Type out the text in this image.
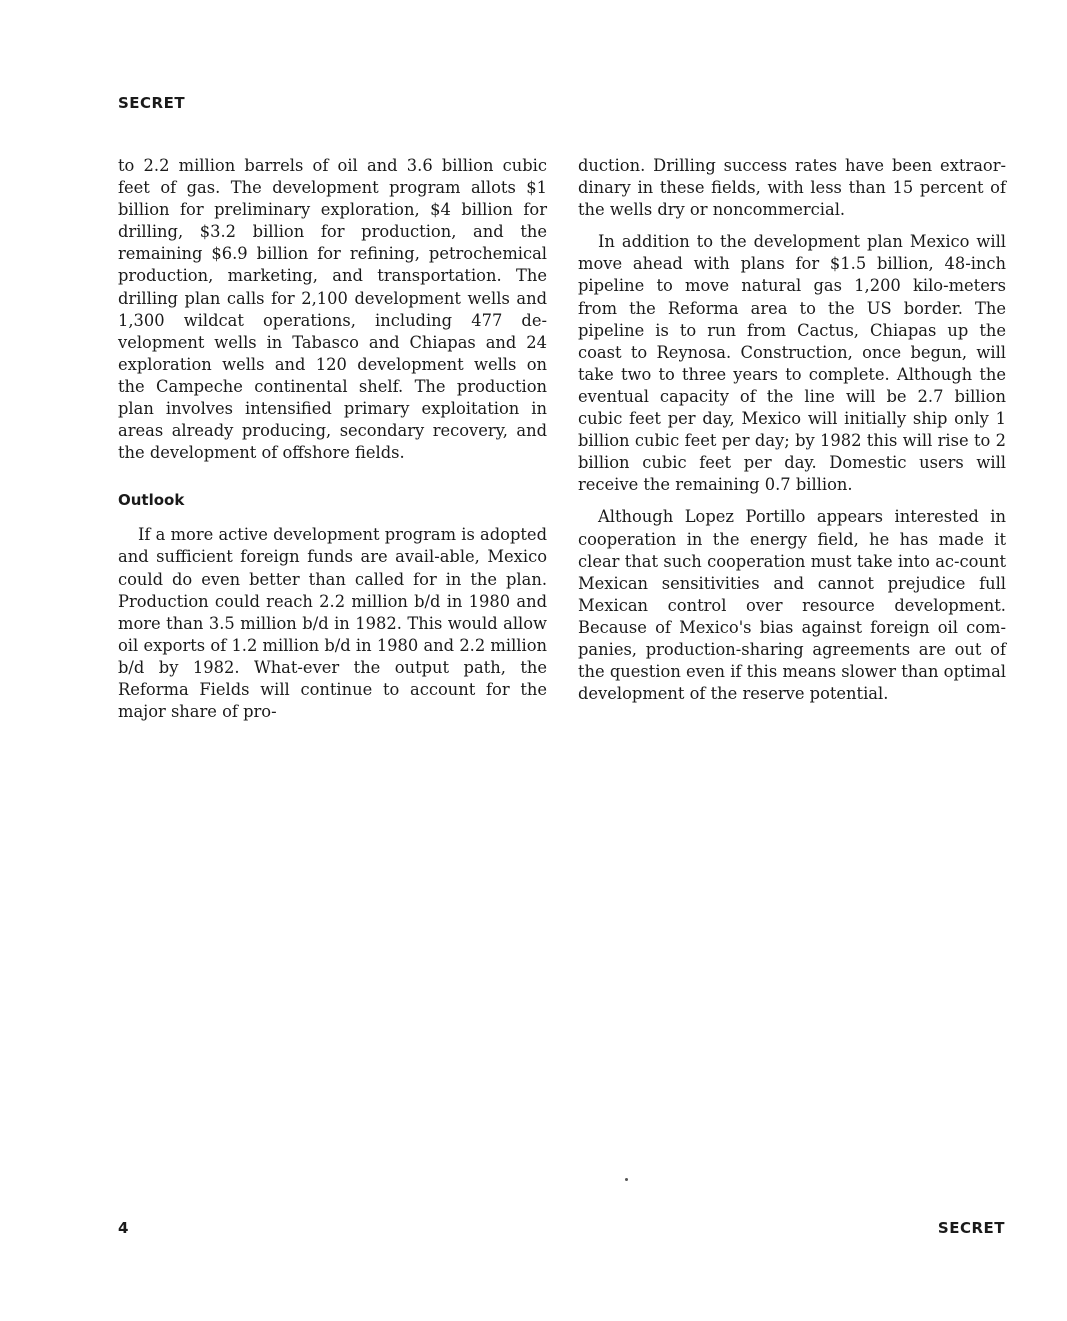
SECRET

to 2.2 million barrels of oil and 3.6 billion cubic feet of gas. The development program allots $1 billion for preliminary exploration, $4 billion for drilling, $3.2 billion for production, and the remaining $6.9 billion for refining, petrochemical production, marketing, and transportation. The drilling plan calls for 2,100 development wells and 1,300 wildcat operations, including 477 de-velopment wells in Tabasco and Chiapas and 24 exploration wells and 120 development wells on the Campeche continental shelf. The production plan involves intensified primary exploitation in areas already producing, secondary recovery, and the development of offshore fields.

Outlook

If a more active development program is adopted and sufficient foreign funds are avail-able, Mexico could do even better than called for in the plan. Production could reach 2.2 million b/d in 1980 and more than 3.5 million b/d in 1982. This would allow oil exports of 1.2 million b/d in 1980 and 2.2 million b/d by 1982. What-ever the output path, the Reforma Fields will continue to account for the major share of pro-

duction. Drilling success rates have been extraor-dinary in these fields, with less than 15 percent of the wells dry or noncommercial.

In addition to the development plan Mexico will move ahead with plans for $1.5 billion, 48-inch pipeline to move natural gas 1,200 kilo-meters from the Reforma area to the US border. The pipeline is to run from Cactus, Chiapas up the coast to Reynosa. Construction, once begun, will take two to three years to complete. Although the eventual capacity of the line will be 2.7 billion cubic feet per day, Mexico will initially ship only 1 billion cubic feet per day; by 1982 this will rise to 2 billion cubic feet per day. Domestic users will receive the remaining 0.7 billion.

Although Lopez Portillo appears interested in cooperation in the energy field, he has made it clear that such cooperation must take into ac-count Mexican sensitivities and cannot prejudice full Mexican control over resource development. Because of Mexico's bias against foreign oil com-panies, production-sharing agreements are out of the question even if this means slower than optimal development of the reserve potential.

4	SECRET
